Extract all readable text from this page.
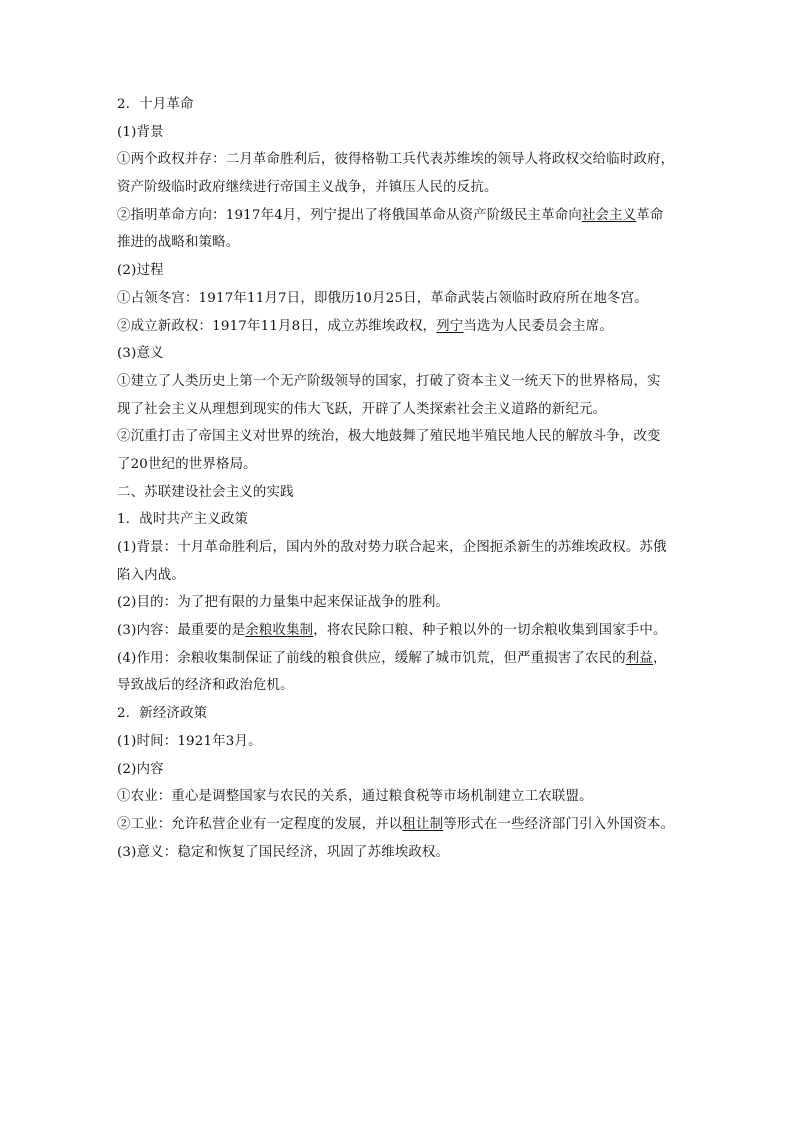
2．十月革命
(1)背景
①两个政权并存：二月革命胜利后，彼得格勒工兵代表苏维埃的领导人将政权交给临时政府，
资产阶级临时政府继续进行帝国主义战争，并镇压人民的反抗。
②指明革命方向：1917年4月，列宁提出了将俄国革命从资产阶级民主革命向社会主义革命
推进的战略和策略。
(2)过程
①占领冬宫：1917年11月7日，即俄历10月25日，革命武装占领临时政府所在地冬宫。
②成立新政权：1917年11月8日，成立苏维埃政权，列宁当选为人民委员会主席。
(3)意义
①建立了人类历史上第一个无产阶级领导的国家，打破了资本主义一统天下的世界格局，实
现了社会主义从理想到现实的伟大飞跃，开辟了人类探索社会主义道路的新纪元。
②沉重打击了帝国主义对世界的统治，极大地鼓舞了殖民地半殖民地人民的解放斗争，改变
了20世纪的世界格局。
二、苏联建设社会主义的实践
1．战时共产主义政策
(1)背景：十月革命胜利后，国内外的敌对势力联合起来，企图扼杀新生的苏维埃政权。苏俄
陷入内战。
(2)目的：为了把有限的力量集中起来保证战争的胜利。
(3)内容：最重要的是余粮收集制，将农民除口粮、种子粮以外的一切余粮收集到国家手中。
(4)作用：余粮收集制保证了前线的粮食供应，缓解了城市饥荒，但严重损害了农民的利益，
导致战后的经济和政治危机。
2．新经济政策
(1)时间：1921年3月。
(2)内容
①农业：重心是调整国家与农民的关系，通过粮食税等市场机制建立工农联盟。
②工业：允许私营企业有一定程度的发展，并以租让制等形式在一些经济部门引入外国资本。
(3)意义：稳定和恢复了国民经济，巩固了苏维埃政权。
